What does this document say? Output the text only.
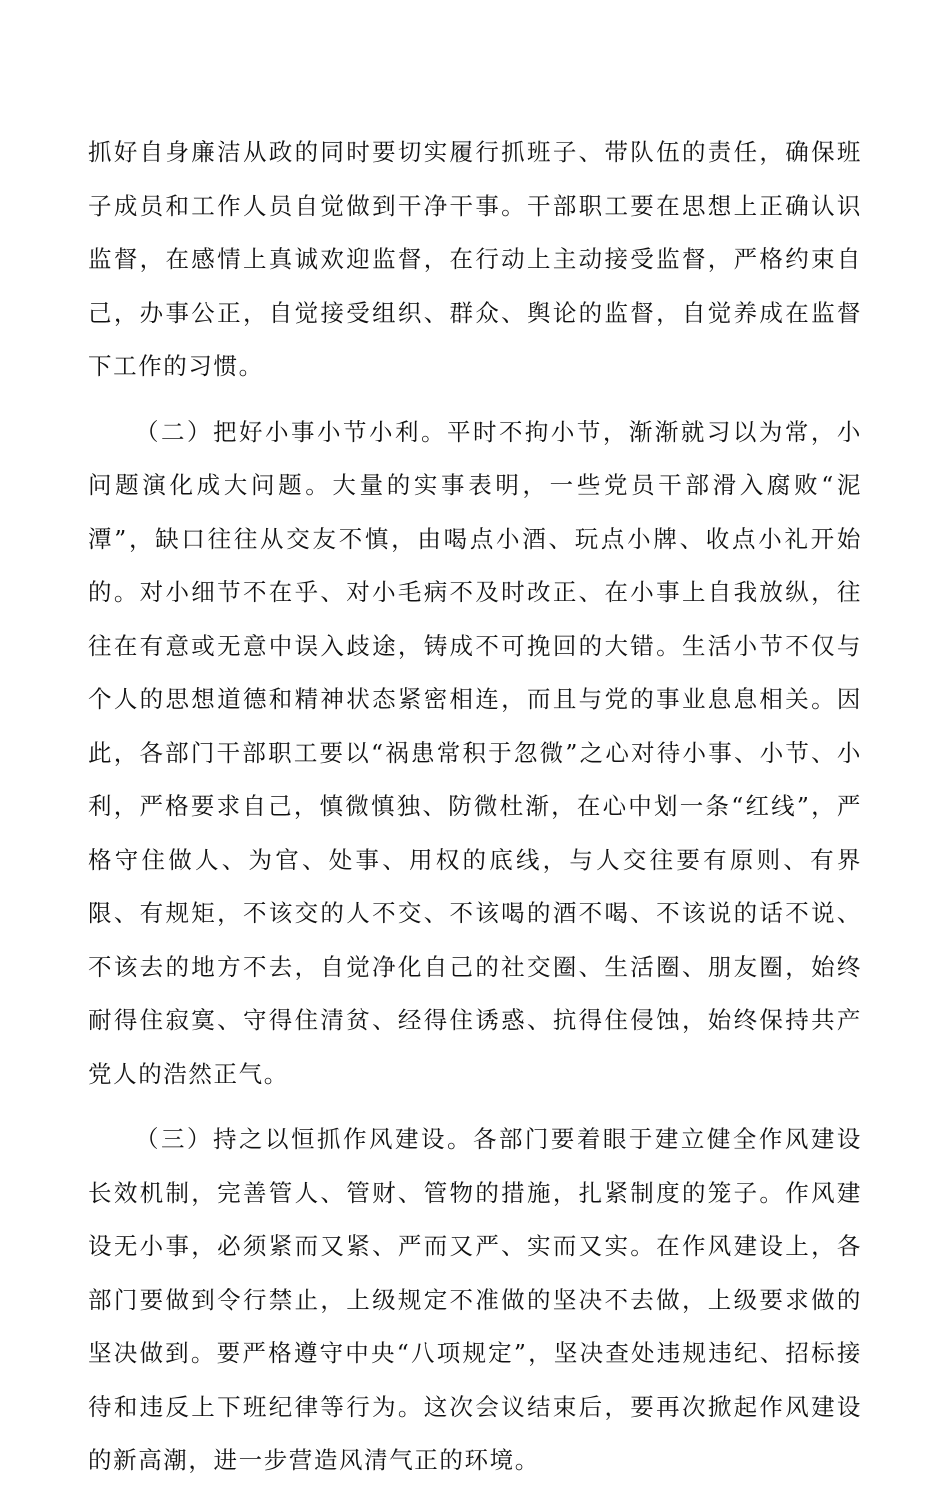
抓好自身廉洁从政的同时要切实履行抓班子、带队伍的责任，确保班子成员和工作人员自觉做到干净干事。干部职工要在思想上正确认识监督，在感情上真诚欢迎监督，在行动上主动接受监督，严格约束自己，办事公正，自觉接受组织、群众、舆论的监督，自觉养成在监督下工作的习惯。

（二）把好小事小节小利。平时不拘小节，渐渐就习以为常，小问题演化成大问题。大量的实事表明，一些党员干部滑入腐败“泥潭”，缺口往往从交友不慎，由喝点小酒、玩点小牌、收点小礼开始的。对小细节不在乎、对小毛病不及时改正、在小事上自我放纵，往往在有意或无意中误入歧途，铸成不可挽回的大错。生活小节不仅与个人的思想道德和精神状态紧密相连，而且与党的事业息息相关。因此，各部门干部职工要以“祸患常积于忽微”之心对待小事、小节、小利，严格要求自己，慎微慎独、防微杜渐，在心中划一条“红线”，严格守住做人、为官、处事、用权的底线，与人交往要有原则、有界限、有规矩，不该交的人不交、不该喝的酒不喝、不该说的话不说、不该去的地方不去，自觉净化自己的社交圈、生活圈、朋友圈，始终耐得住寂寞、守得住清贫、经得住诱惑、抗得住侵蚀，始终保持共产党人的浩然正气。

（三）持之以恒抓作风建设。各部门要着眼于建立健全作风建设长效机制，完善管人、管财、管物的措施，扎紧制度的笼子。作风建设无小事，必须紧而又紧、严而又严、实而又实。在作风建设上，各部门要做到令行禁止，上级规定不准做的坚决不去做，上级要求做的坚决做到。要严格遵守中央“八项规定”，坚决查处违规违纪、招标接待和违反上下班纪律等行为。这次会议结束后，要再次掀起作风建设的新高潮，进一步营造风清气正的环境。
